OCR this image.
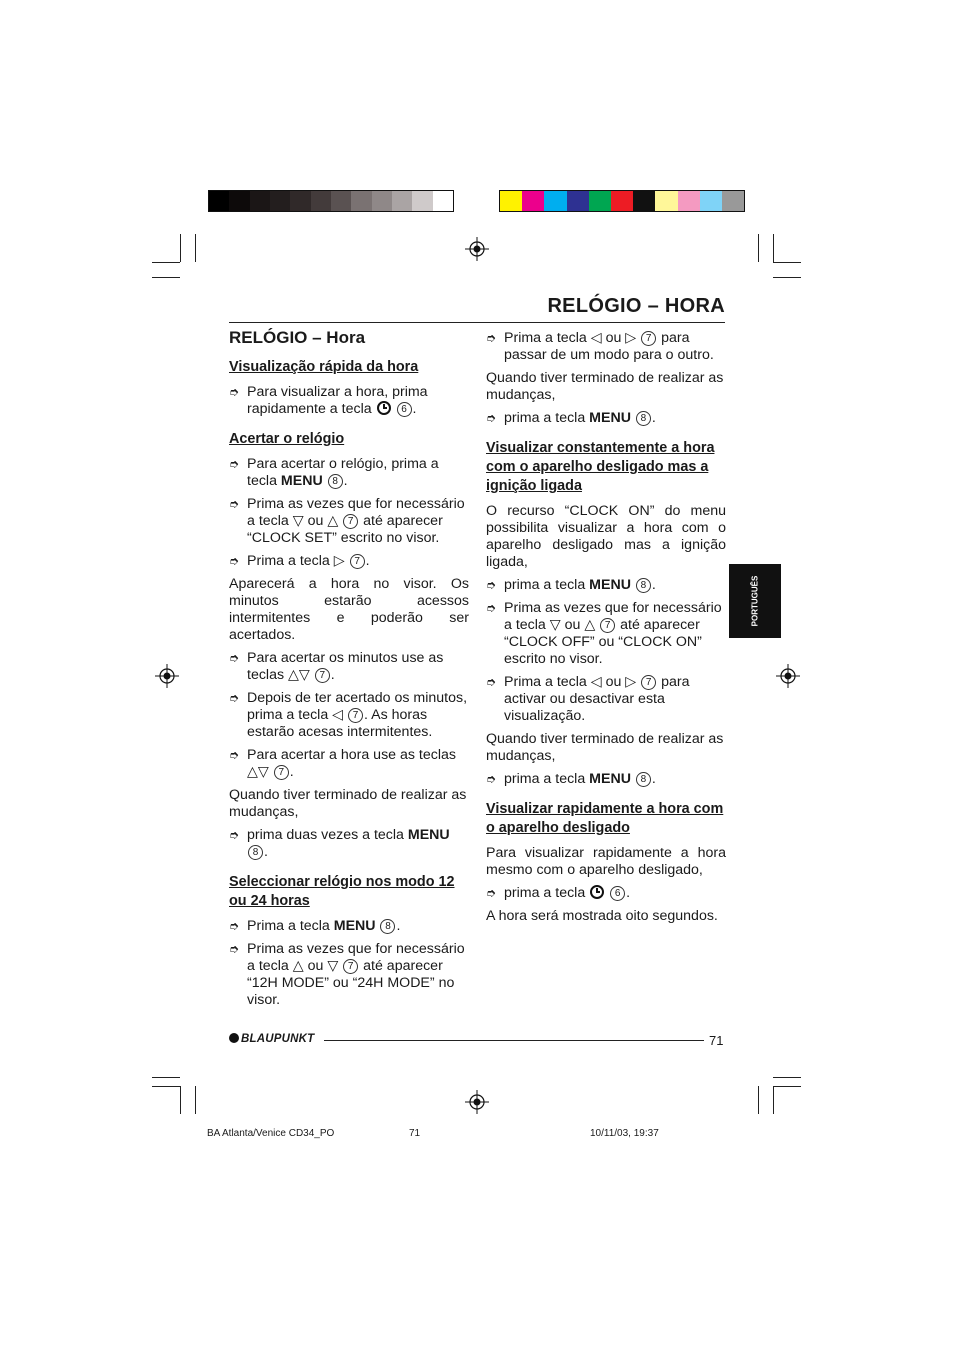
RELÓGIO – HORA
RELÓGIO – Hora
Visualização rápida da hora
➮ Para visualizar a hora, prima rapidamente a tecla	6 .
Acertar o relógio
➮ Para acertar o relógio, prima a tecla MENU 8 .
➮ Prima as vezes que for necessário a tecla ▽ ou △ 7 até aparecer “CLOCK SET” escrito no visor.
➮ Prima a tecla ▷ 7 .
Aparecerá a hora no visor. Os minutos estarão acessos intermitentes e poderão ser acertados.
➮ Para acertar os minutos use as teclas △▽ 7 .
➮ Depois de ter acertado os minutos, prima a tecla ◁ 7 . As horas estarão acesas intermitentes.
➮ Para acertar a hora use as teclas △▽ 7 .
Quando tiver terminado de realizar as mudanças,
➮ prima duas vezes a tecla MENU 8 .
Seleccionar relógio nos modo 12 ou 24 horas
➮ Prima a tecla MENU 8 .
➮ Prima as vezes que for necessário a tecla △ ou ▽ 7 até aparecer “12H MODE” ou “24H MODE” no visor.
➮ Prima a tecla ◁ ou ▷ 7 para passar de um modo para o outro.
Quando tiver terminado de realizar as mudanças,
➮ prima a tecla MENU 8 .
Visualizar constantemente a hora com o aparelho desligado mas a ignição ligada
O recurso “CLOCK ON” do menu possibilita visualizar a hora com o aparelho desligado mas a ignição ligada,
➮ prima a tecla MENU 8 .
➮ Prima as vezes que for necessário a tecla ▽ ou △ 7 até aparecer “CLOCK OFF” ou “CLOCK ON” escrito no visor.
➮ Prima a tecla ◁ ou ▷ 7 para activar ou desactivar esta visualização.
Quando tiver terminado de realizar as mudanças,
➮ prima a tecla MENU 8 .
Visualizar rapidamente a hora com o aparelho desligado
Para visualizar rapidamente a hora mesmo com o aparelho desligado,
➮ prima a tecla	6 .
A hora será mostrada oito segundos.
PORTUGUÊS
BLAUPUNKT	71
BA Atlanta/Venice CD34_PO	71	10/11/03, 19:37
